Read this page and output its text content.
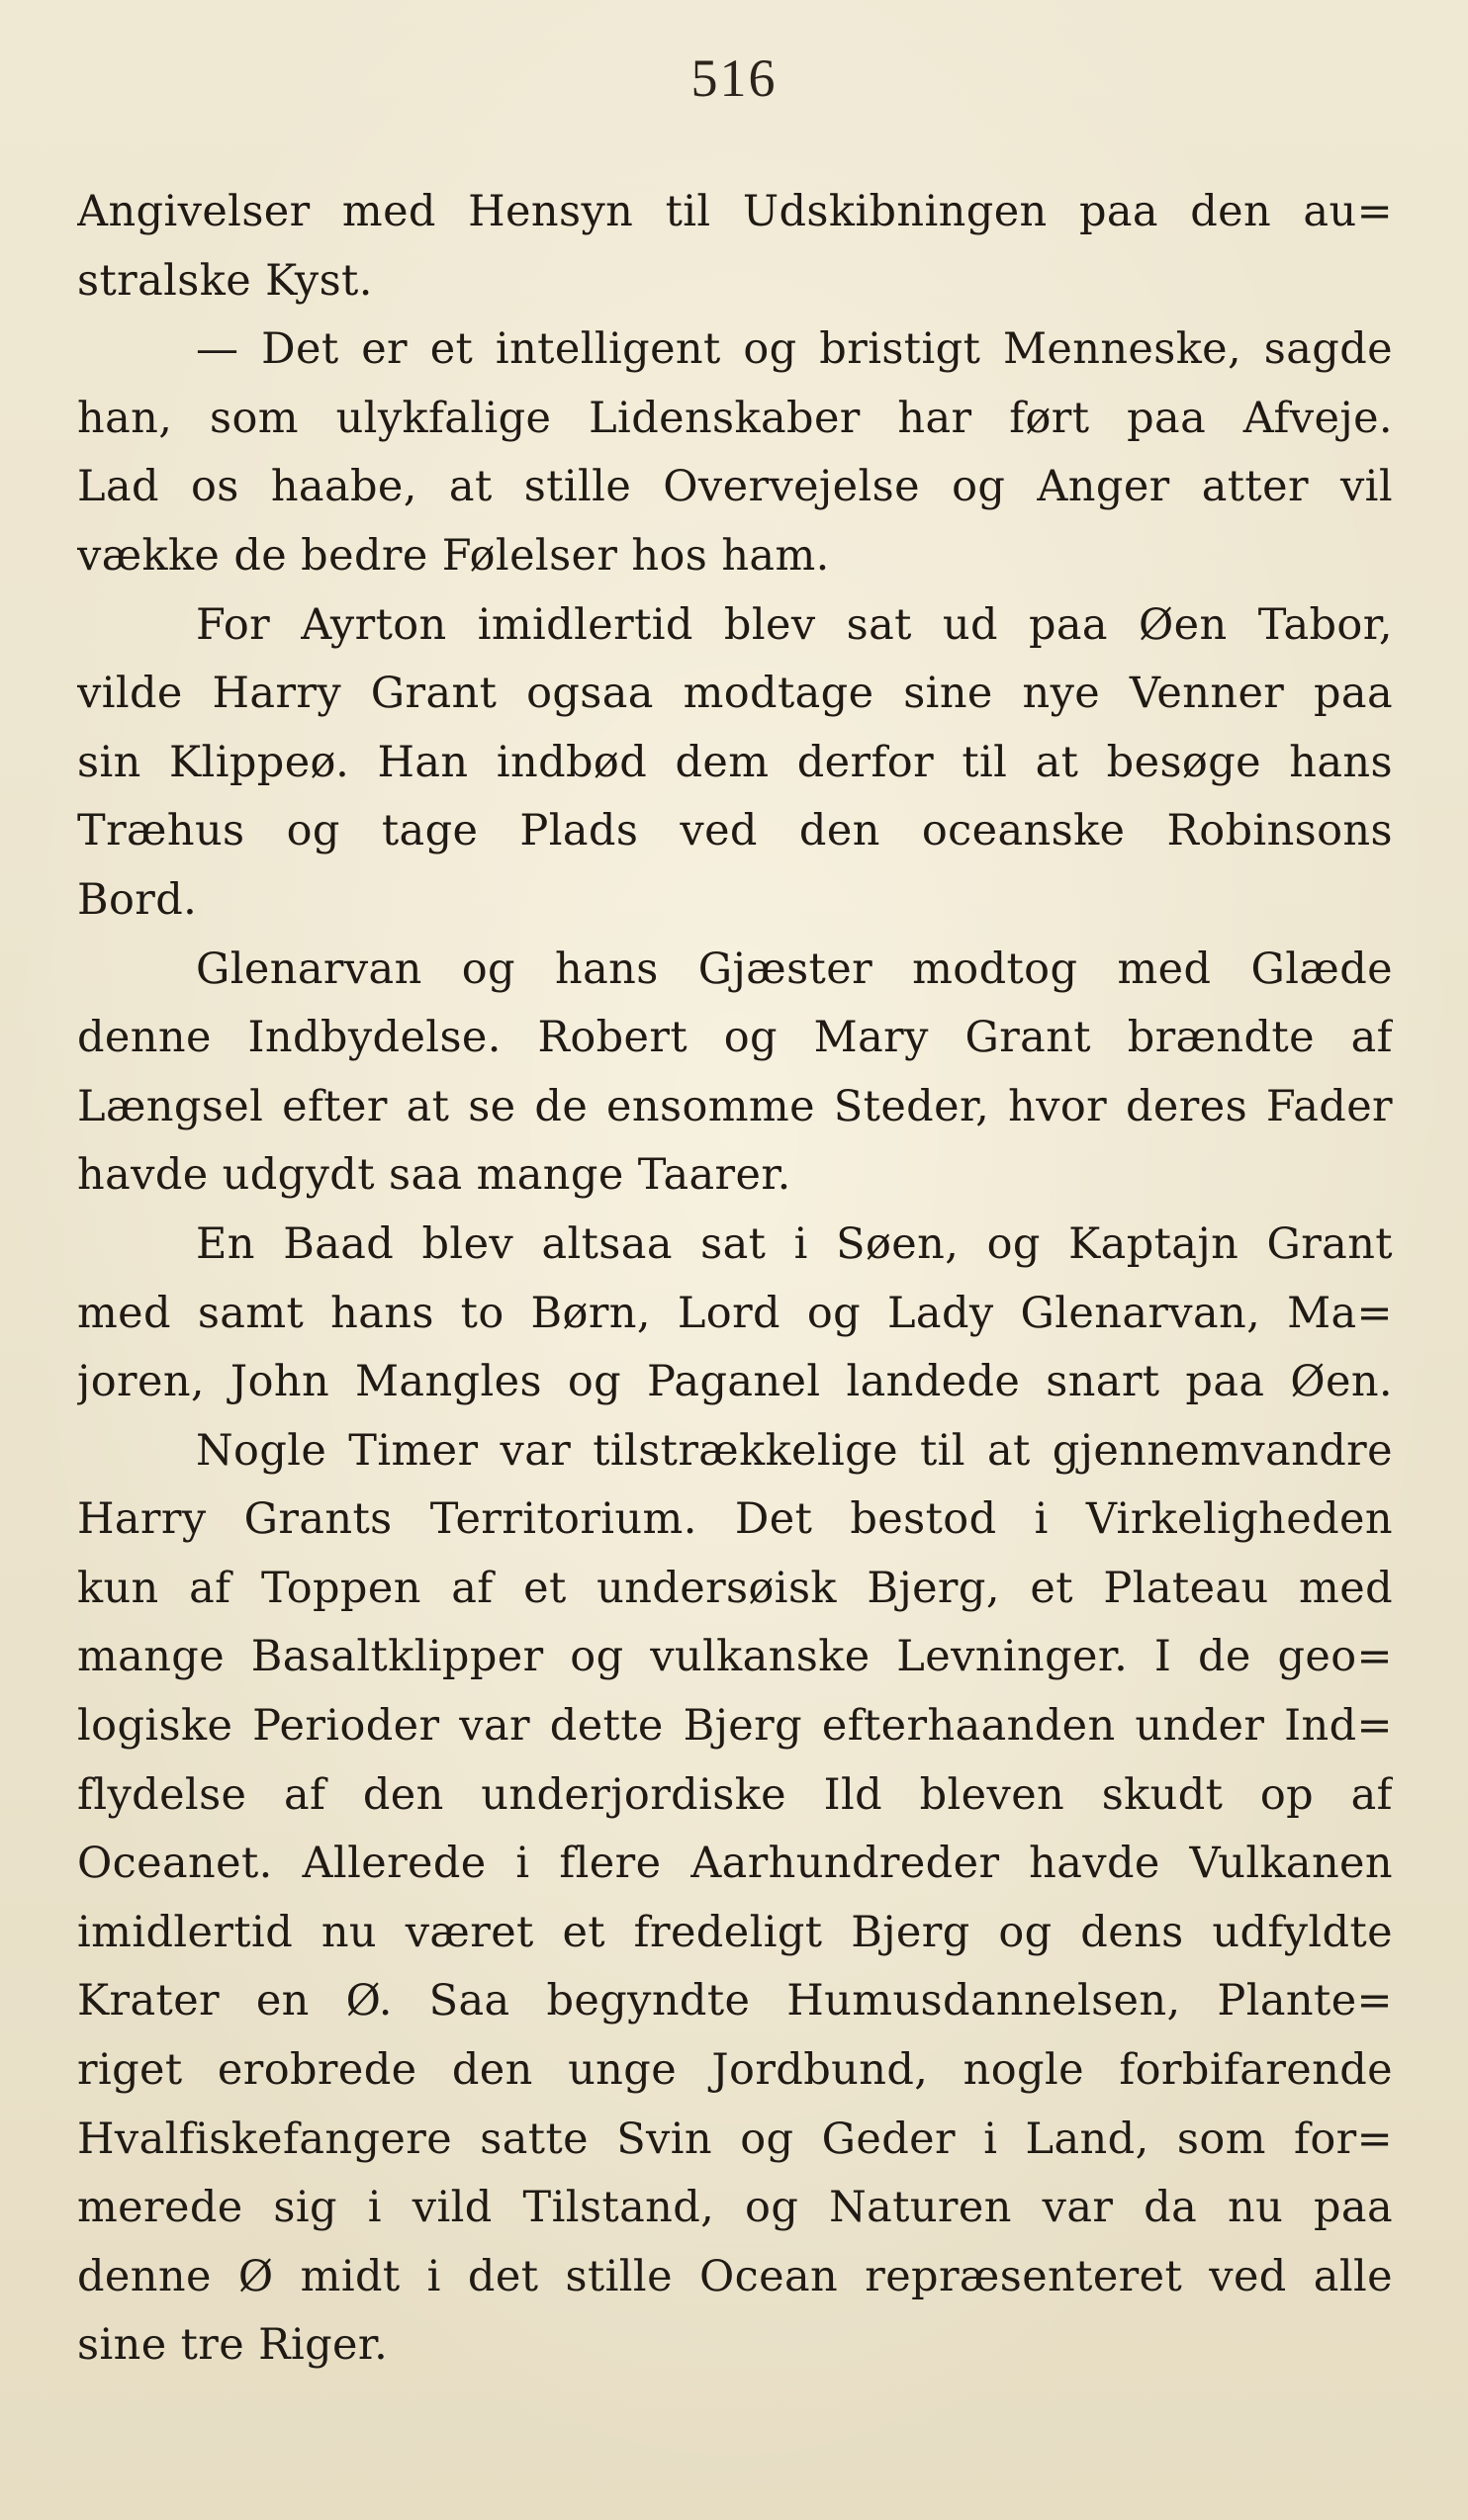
516
Angivelser med Hensyn til Udskibningen paa den au=
stralske Kyst.
— Det er et intelligent og bristigt Menneske, sagde
han, som ulykfalige Lidenskaber har ført paa Afveje.
Lad os haabe, at stille Overvejelse og Anger atter vil
vække de bedre Følelser hos ham.
For Ayrton imidlertid blev sat ud paa Øen Tabor,
vilde Harry Grant ogsaa modtage sine nye Venner paa
sin Klippeø. Han indbød dem derfor til at besøge hans
Træhus og tage Plads ved den oceanske Robinsons
Bord.
Glenarvan og hans Gjæster modtog med Glæde
denne Indbydelse. Robert og Mary Grant brændte af
Længsel efter at se de ensomme Steder, hvor deres Fader
havde udgydt saa mange Taarer.
En Baad blev altsaa sat i Søen, og Kaptajn Grant
med samt hans to Børn, Lord og Lady Glenarvan, Ma=
joren, John Mangles og Paganel landede snart paa Øen.
Nogle Timer var tilstrækkelige til at gjennemvandre
Harry Grants Territorium. Det bestod i Virkeligheden
kun af Toppen af et undersøisk Bjerg, et Plateau med
mange Basaltklipper og vulkanske Levninger. I de geo=
logiske Perioder var dette Bjerg efterhaanden under Ind=
flydelse af den underjordiske Ild bleven skudt op af
Oceanet. Allerede i flere Aarhundreder havde Vulkanen
imidlertid nu været et fredeligt Bjerg og dens udfyldte
Krater en Ø. Saa begyndte Humusdannelsen, Plante=
riget erobrede den unge Jordbund, nogle forbifarende
Hvalfiskefangere satte Svin og Geder i Land, som for=
merede sig i vild Tilstand, og Naturen var da nu paa
denne Ø midt i det stille Ocean repræsenteret ved alle
sine tre Riger.
